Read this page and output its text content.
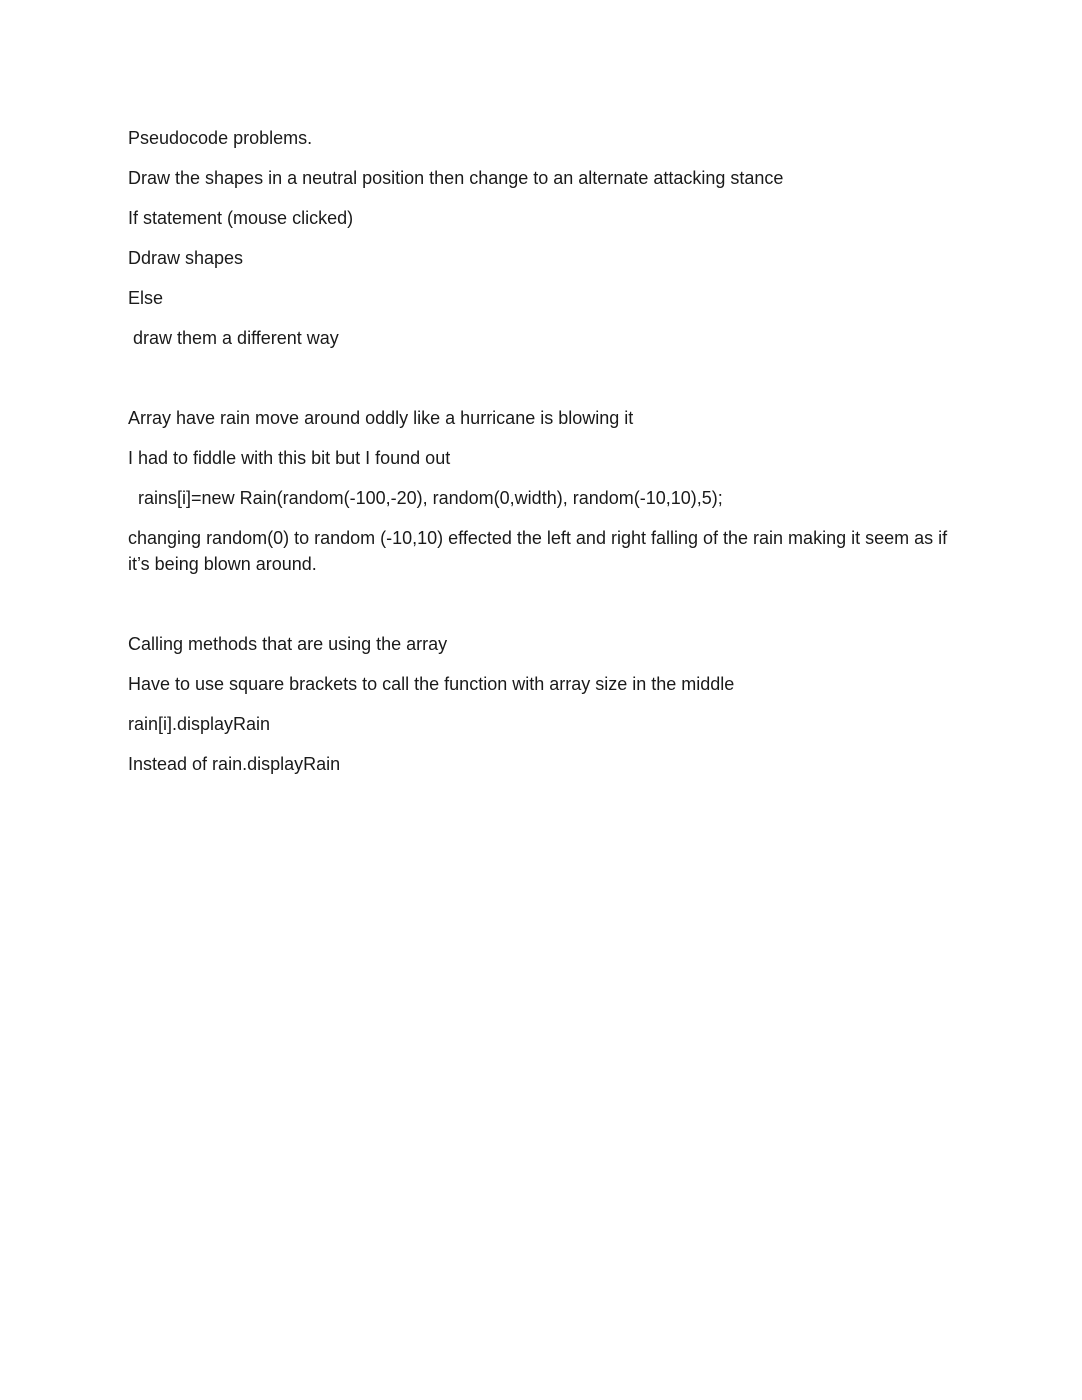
Pseudocode problems.
Draw the shapes in a neutral position then change to an alternate attacking stance
If statement (mouse clicked)
Ddraw shapes
Else
draw them a different way
Array have rain move around oddly like a hurricane is blowing it
I had to fiddle with this bit but I found out
rains[i]=new Rain(random(-100,-20), random(0,width), random(-10,10),5);
changing random(0) to random (-10,10) effected the left and right falling of the rain making it seem as if it’s being blown around.
Calling methods that are using the array
Have to use square brackets to call the function with array size in the middle
rain[i].displayRain
Instead of rain.displayRain
